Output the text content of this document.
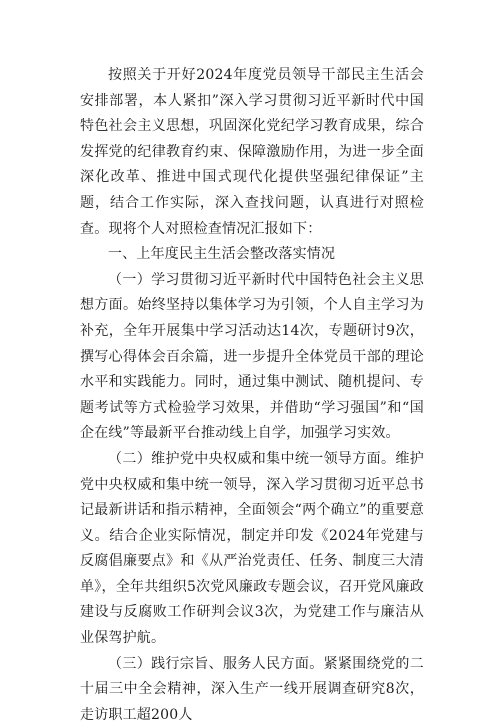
按照关于开好2024年度党员领导干部民主生活会安排部署，本人紧扣”深入学习贯彻习近平新时代中国特色社会主义思想，巩固深化党纪学习教育成果，综合发挥党的纪律教育约束、保障激励作用，为进一步全面深化改革、推进中国式现代化提供坚强纪律保证”主题，结合工作实际，深入查找问题，认真进行对照检查。现将个人对照检查情况汇报如下：

一、上年度民主生活会整改落实情况

（一）学习贯彻习近平新时代中国特色社会主义思想方面。始终坚持以集体学习为引领，个人自主学习为补充，全年开展集中学习活动达14次，专题研讨9次，撰写心得体会百余篇，进一步提升全体党员干部的理论水平和实践能力。同时，通过集中测试、随机提问、专题考试等方式检验学习效果，并借助“学习强国”和“国企在线”等最新平台推动线上自学，加强学习实效。

（二）维护党中央权威和集中统一领导方面。维护党中央权威和集中统一领导，深入学习贯彻习近平总书记最新讲话和指示精神，全面领会“两个确立”的重要意义。结合企业实际情况，制定并印发《2024年党建与反腐倡廉要点》和《从严治党责任、任务、制度三大清单》，全年共组织5次党风廉政专题会议，召开党风廉政建设与反腐败工作研判会议3次，为党建工作与廉洁从业保驾护航。

（三）践行宗旨、服务人民方面。紧紧围绕党的二十届三中全会精神，深入生产一线开展调查研究8次，走访职工超200人
